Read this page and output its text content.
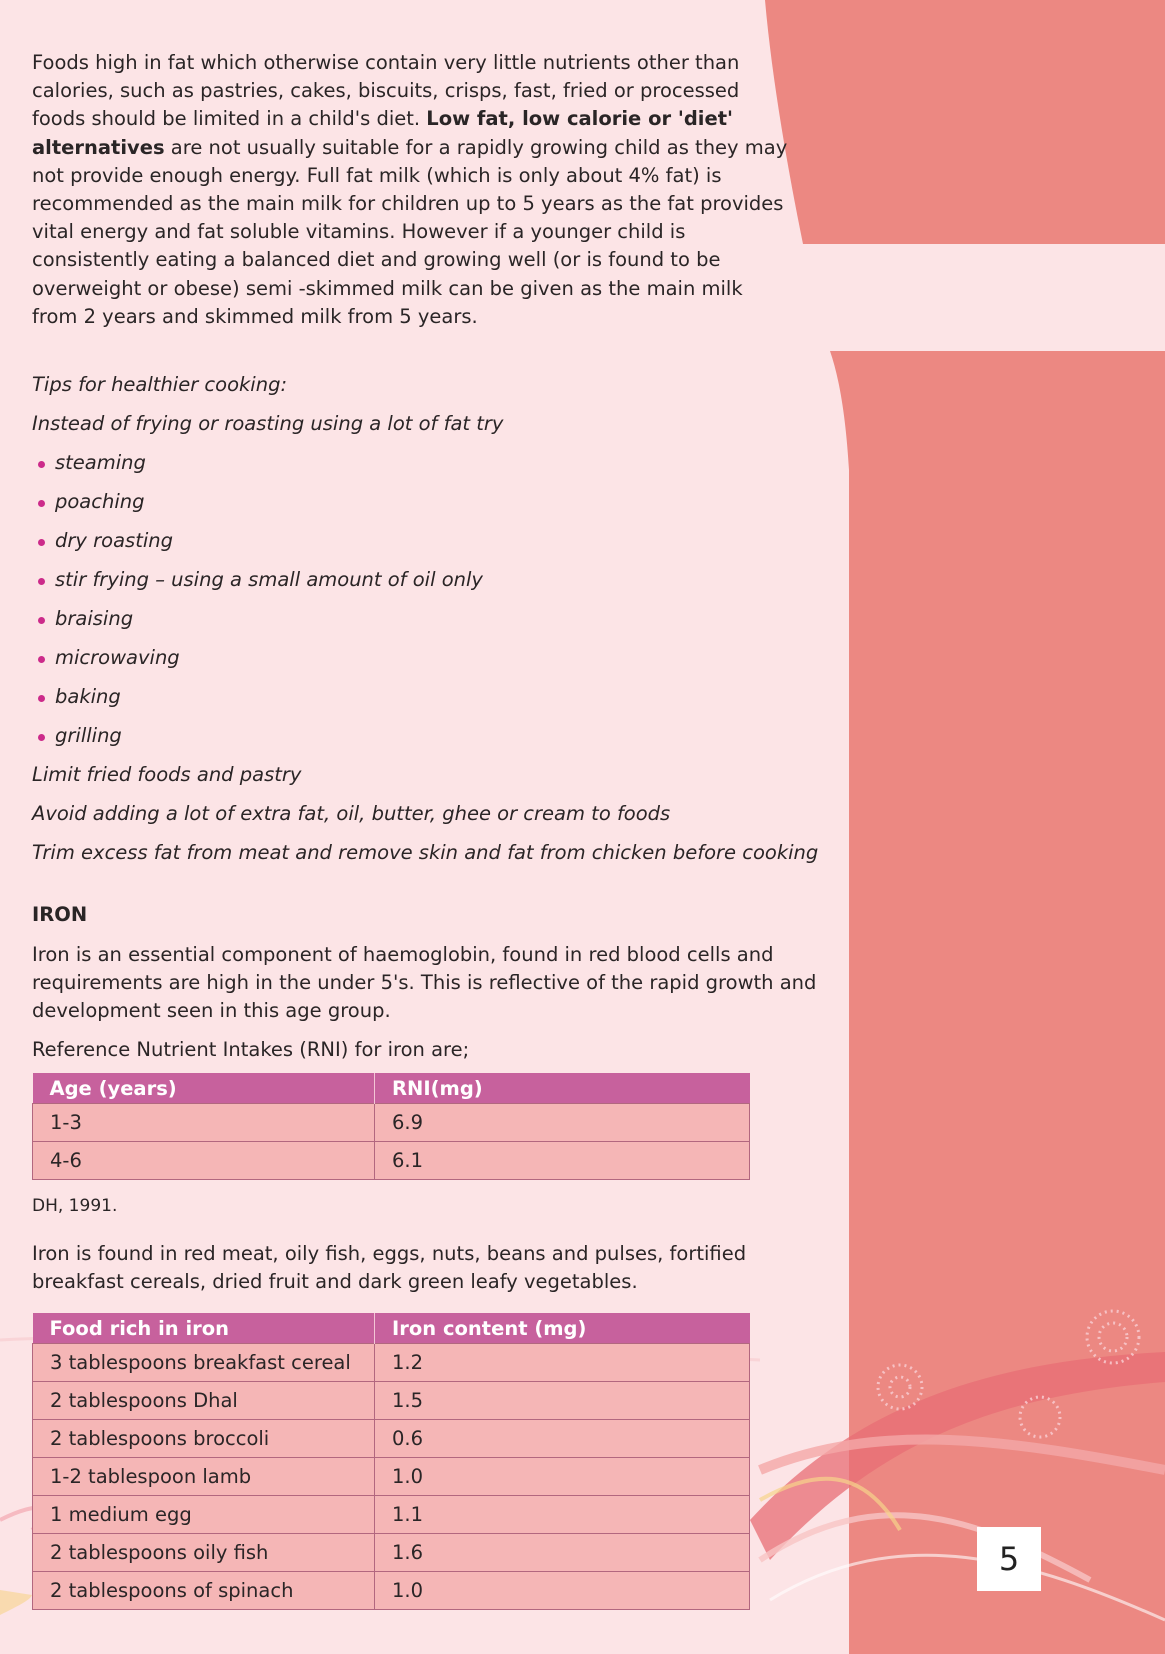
Foods high in fat which otherwise contain very little nutrients other than calories, such as pastries, cakes, biscuits, crisps, fast, fried or processed foods should be limited in a child's diet. Low fat, low calorie or 'diet' alternatives are not usually suitable for a rapidly growing child as they may not provide enough energy. Full fat milk (which is only about 4% fat) is recommended as the main milk for children up to 5 years as the fat provides vital energy and fat soluble vitamins. However if a younger child is consistently eating a balanced diet and growing well (or is found to be overweight or obese) semi -skimmed milk can be given as the main milk from 2 years and skimmed milk from 5 years.

Tips for healthier cooking:
Instead of frying or roasting using a lot of fat try
steaming
poaching
dry roasting
stir frying – using a small amount of oil only
braising
microwaving
baking
grilling
Limit fried foods and pastry
Avoid adding a lot of extra fat, oil, butter, ghee or cream to foods
Trim excess fat from meat and remove skin and fat from chicken before cooking
IRON

Iron is an essential component of haemoglobin, found in red blood cells and requirements are high in the under 5's. This is reflective of the rapid growth and development seen in this age group.

Reference Nutrient Intakes (RNI) for iron are;

Age (years)	RNI(mg)
1-3	6.9
4-6	6.1

DH, 1991.

Iron is found in red meat, oily fish, eggs, nuts, beans and pulses, fortified breakfast cereals, dried fruit and dark green leafy vegetables.

Food rich in iron	Iron content (mg)
3 tablespoons breakfast cereal	1.2
2 tablespoons Dhal	1.5
2 tablespoons broccoli	0.6
1-2 tablespoon lamb	1.0
1 medium egg	1.1
2 tablespoons oily fish	1.6
2 tablespoons of spinach	1.0
5
